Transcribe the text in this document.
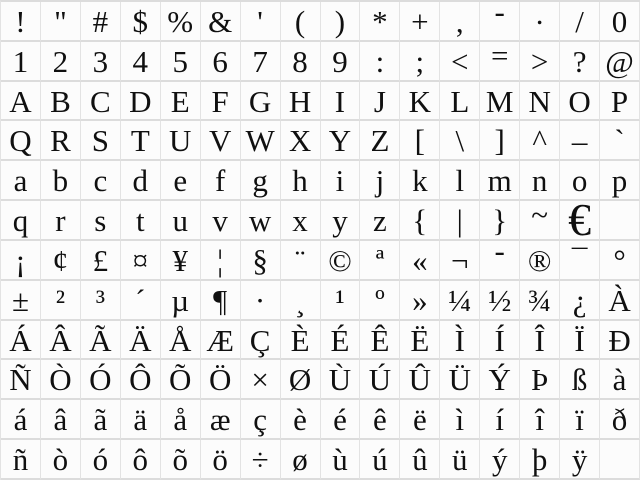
! " # $ % & ' ( ) * + , - . / 0
1 2 3 4 5 6 7 8 9 : ; < = > ? @
A B C D E F G H I J K L M N O P
Q R S T U V W X Y Z [ \ ] ^ _ `
a b c d e f g h i j k l m n o p
q r s t u v w x y z { | } ~ €
¡ ¢ £ ¤ ¥ ¦ § ¨ © ª « ¬ - ® ¯ °
± ² ³ ´ µ ¶ · ¸ ¹ º » ¼ ½ ¾ ¿ À
Á Â Ã Ä Å Æ Ç È É Ê Ë Ì Í Î Ï Ð
Ñ Ò Ó Ô Õ Ö × Ø Ù Ú Û Ü Ý Þ ß à
á â ã ä å æ ç è é ê ë ì í î ï ð
ñ ò ó ô õ ö ÷ ø ù ú û ü ý þ ÿ
